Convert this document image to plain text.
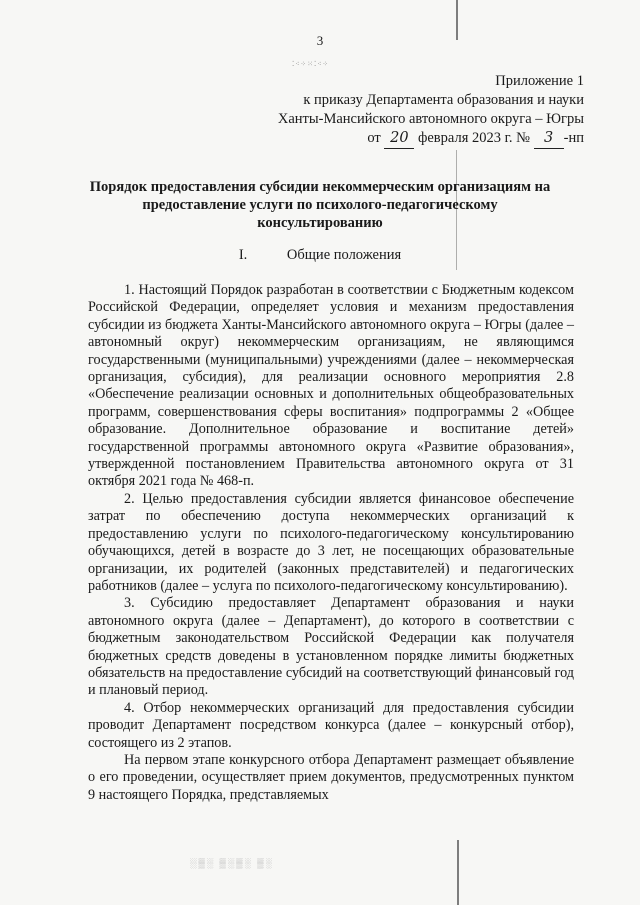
3
⁚⁖⁘⁙⁚⁖⁘
Приложение 1
к приказу Департамента образования и науки
Ханты-Мансийского автономного округа – Югры
от 20 февраля 2023 г. № 3 -нп
Порядок предоставления субсидии некоммерческим организациям на предоставление услуги по психолого-педагогическому консультированию
I.	Общие положения

1. Настоящий Порядок разработан в соответствии с Бюджетным кодексом Российской Федерации, определяет условия и механизм предоставления субсидии из бюджета Ханты-Мансийского автономного округа – Югры (далее – автономный округ) некоммерческим организациям, не являющимся государственными (муниципальными) учреждениями (далее – некоммерческая организация, субсидия), для реализации основного мероприятия 2.8 «Обеспечение реализации основных и дополнительных общеобразовательных программ, совершенствования сферы воспитания» подпрограммы 2 «Общее образование. Дополнительное образование и воспитание детей» государственной программы автономного округа «Развитие образования», утвержденной постановлением Правительства автономного округа от 31 октября 2021 года № 468-п.

2. Целью предоставления субсидии является финансовое обеспечение затрат по обеспечению доступа некоммерческих организаций к предоставлению услуги по психолого-педагогическому консультированию обучающихся, детей в возрасте до 3 лет, не посещающих образовательные организации, их родителей (законных представителей) и педагогических работников (далее – услуга по психолого-педагогическому консультированию).

3. Субсидию предоставляет Департамент образования и науки автономного округа (далее – Департамент), до которого в соответствии с бюджетным законодательством Российской Федерации как получателя бюджетных средств доведены в установленном порядке лимиты бюджетных обязательств на предоставление субсидий на соответствующий финансовый год и плановый период.

4. Отбор некоммерческих организаций для предоставления субсидии проводит Департамент посредством конкурса (далее – конкурсный отбор), состоящего из 2 этапов.

На первом этапе конкурсного отбора Департамент размещает объявление о его проведении, осуществляет прием документов, предусмотренных пунктом 9 настоящего Порядка, представляемых

░▒░ ▒░▒░ ▒░
